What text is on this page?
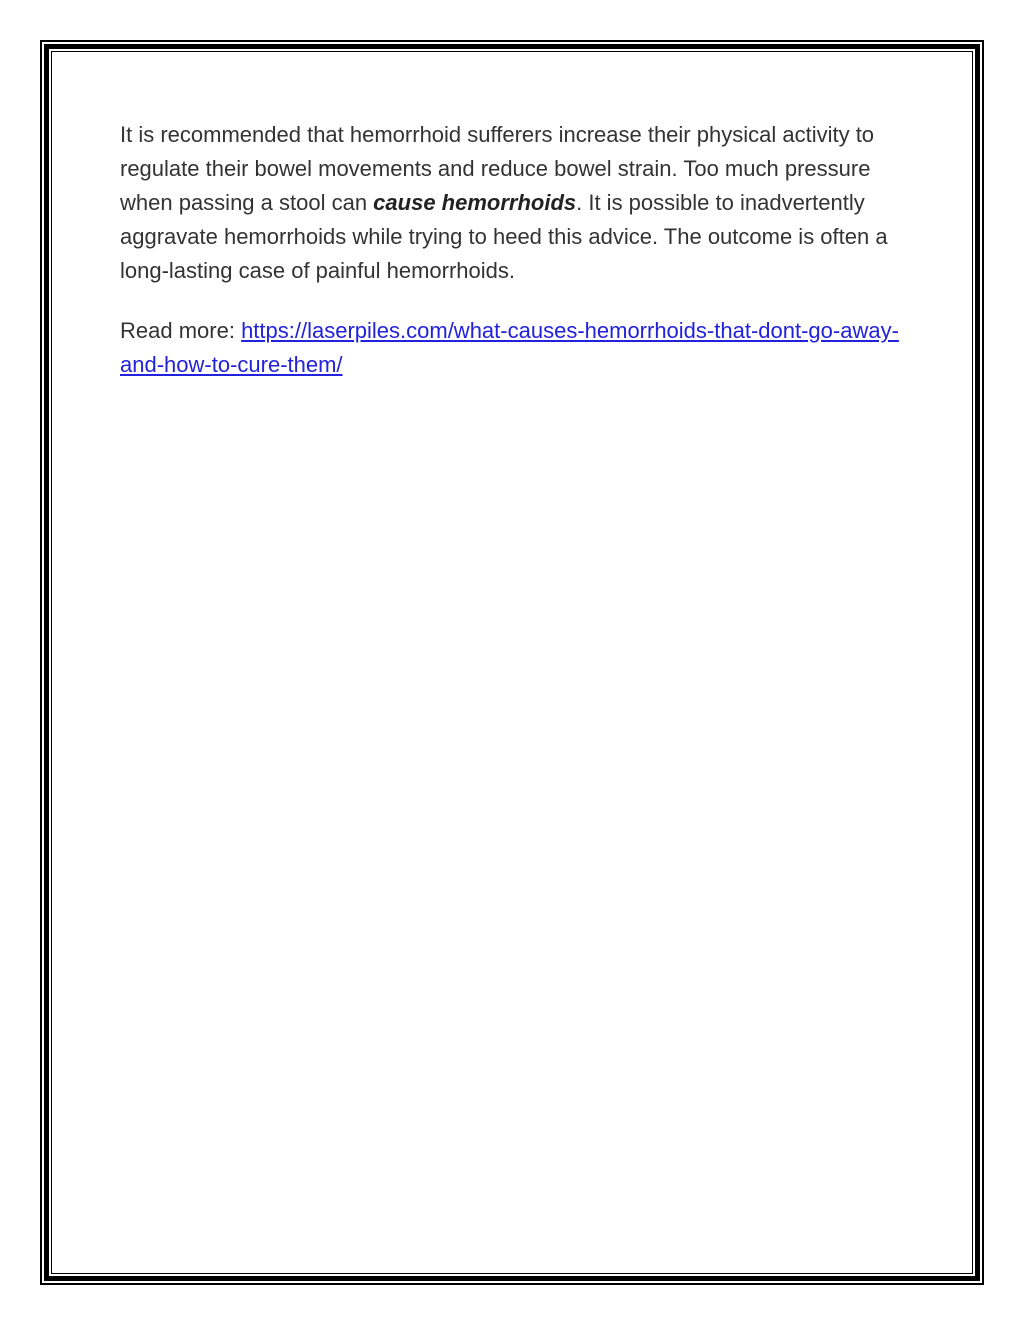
It is recommended that hemorrhoid sufferers increase their physical activity to regulate their bowel movements and reduce bowel strain. Too much pressure when passing a stool can cause hemorrhoids. It is possible to inadvertently aggravate hemorrhoids while trying to heed this advice. The outcome is often a long-lasting case of painful hemorrhoids.

Read more: https://laserpiles.com/what-causes-hemorrhoids-that-dont-go-away-and-how-to-cure-them/
